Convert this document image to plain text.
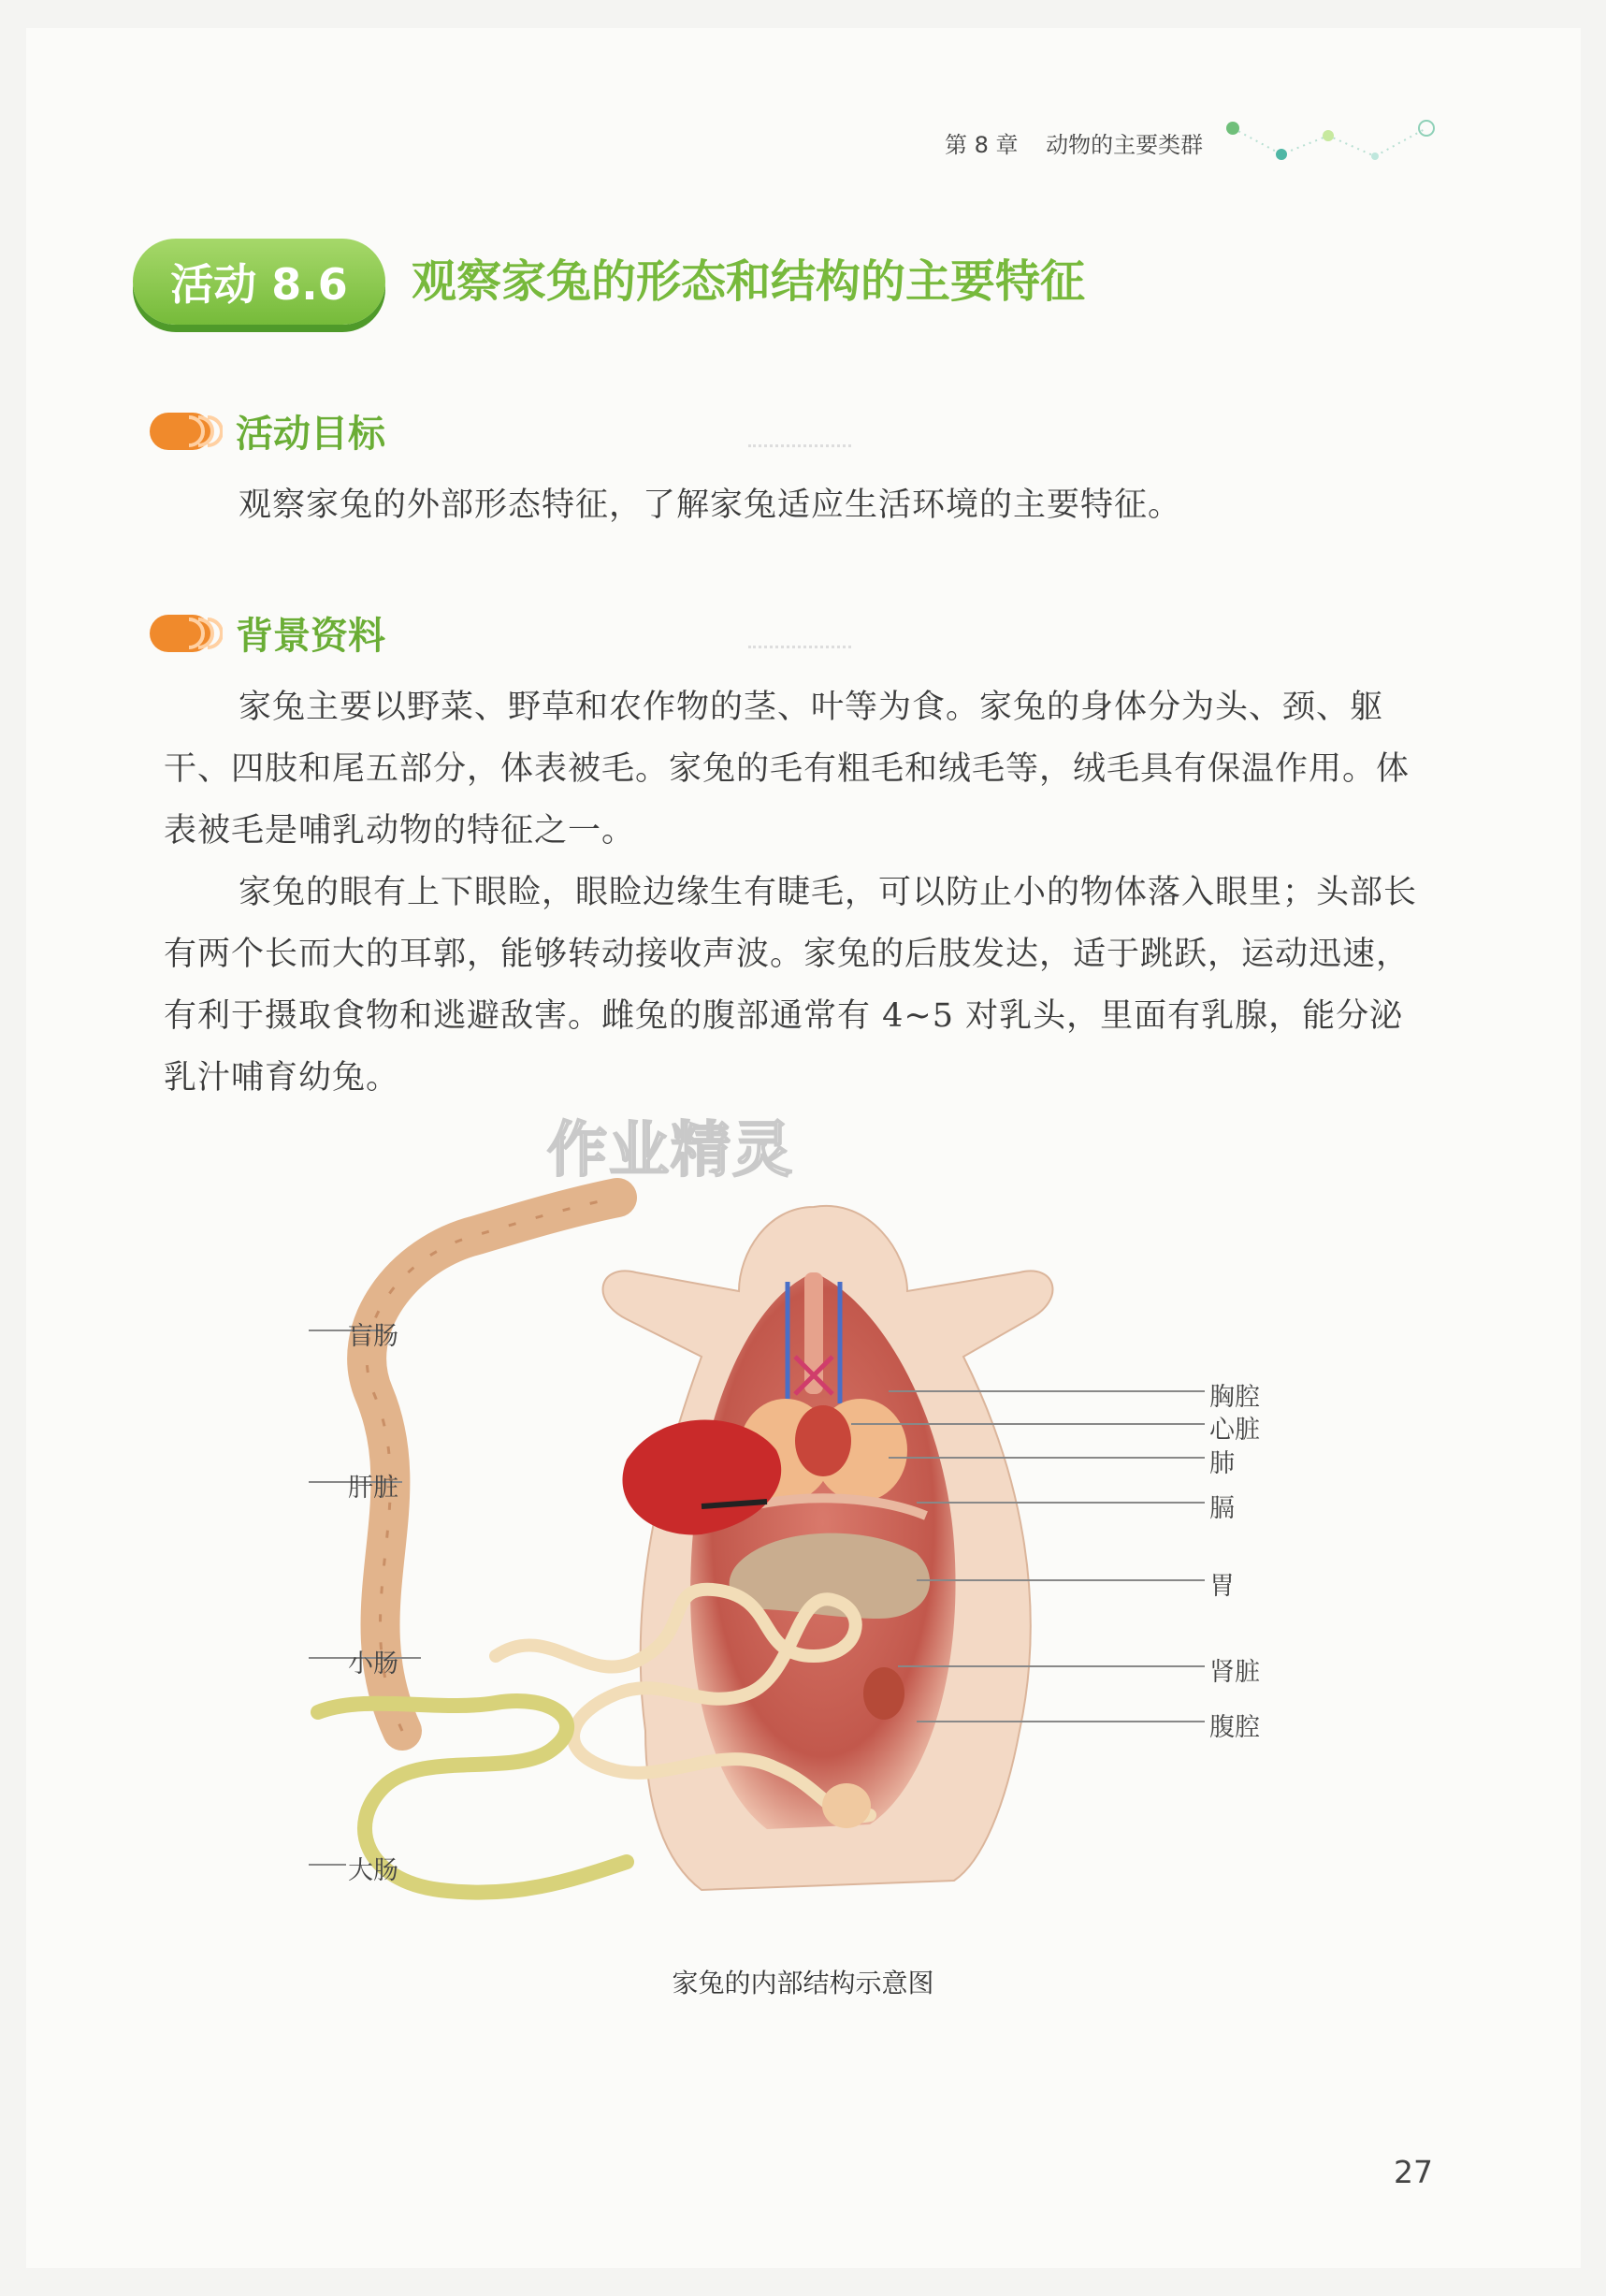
第 8 章 动物的主要类群
活动 8.6	观察家兔的形态和结构的主要特征
活动目标
观察家兔的外部形态特征，了解家兔适应生活环境的主要特征。
背景资料
家兔主要以野菜、野草和农作物的茎、叶等为食。家兔的身体分为头、颈、躯干、四肢和尾五部分，体表被毛。家兔的毛有粗毛和绒毛等，绒毛具有保温作用。体表被毛是哺乳动物的特征之一。
家兔的眼有上下眼睑，眼睑边缘生有睫毛，可以防止小的物体落入眼里；头部长有两个长而大的耳郭，能够转动接收声波。家兔的后肢发达，适于跳跃，运动迅速，有利于摄取食物和逃避敌害。雌兔的腹部通常有 4~5 对乳头，里面有乳腺，能分泌乳汁哺育幼兔。
作业精灵
盲肠
肝脏
小肠
大肠
胸腔
心脏
肺
膈
胃
肾脏
腹腔
家兔的内部结构示意图
27
